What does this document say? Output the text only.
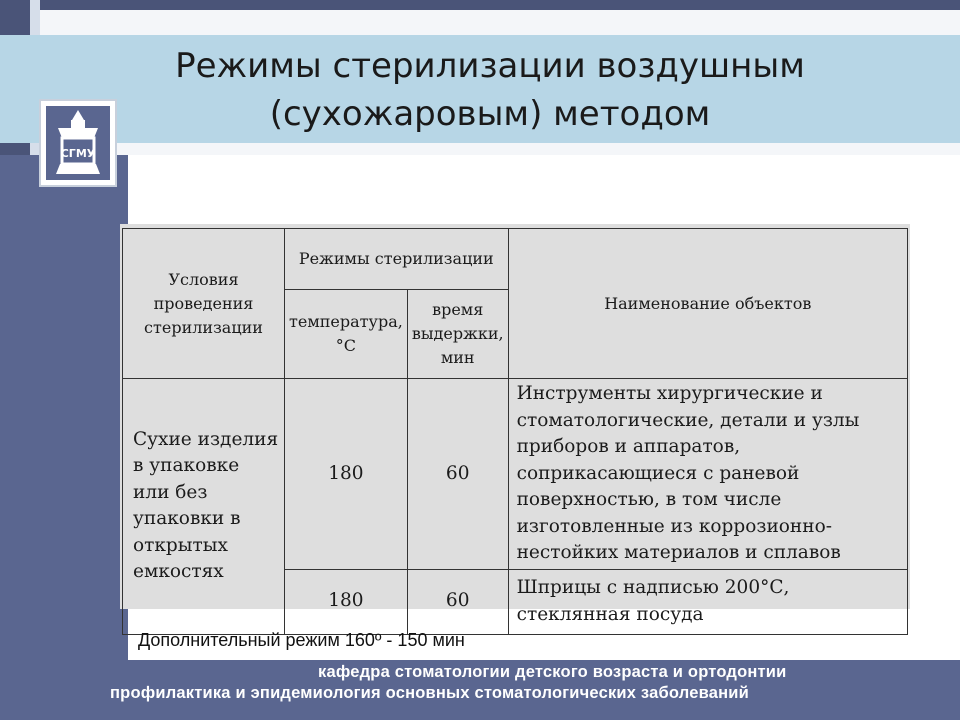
Режимы стерилизации воздушным
(сухожаровым) методом
СГМУ
Условия проведения стерилизации	Режимы стерилизации		Наименование объектов
	температура, °С	время выдержки, мин	
Сухие изделия в упаковке или без упаковки в открытых емкостях	180	60	Инструменты хирургические и стоматологические, детали и узлы приборов и аппаратов, соприкасающиеся с раневой поверхностью, в том числе изготовленные из коррозионно-нестойких материалов и сплавов
	180	60	Шприцы с надписью 200°С, стеклянная посуда
Дополнительный режим 160º - 150 мин
кафедра стоматологии детского возраста и ортодонтии
профилактика и эпидемиология основных стоматологических заболеваний
